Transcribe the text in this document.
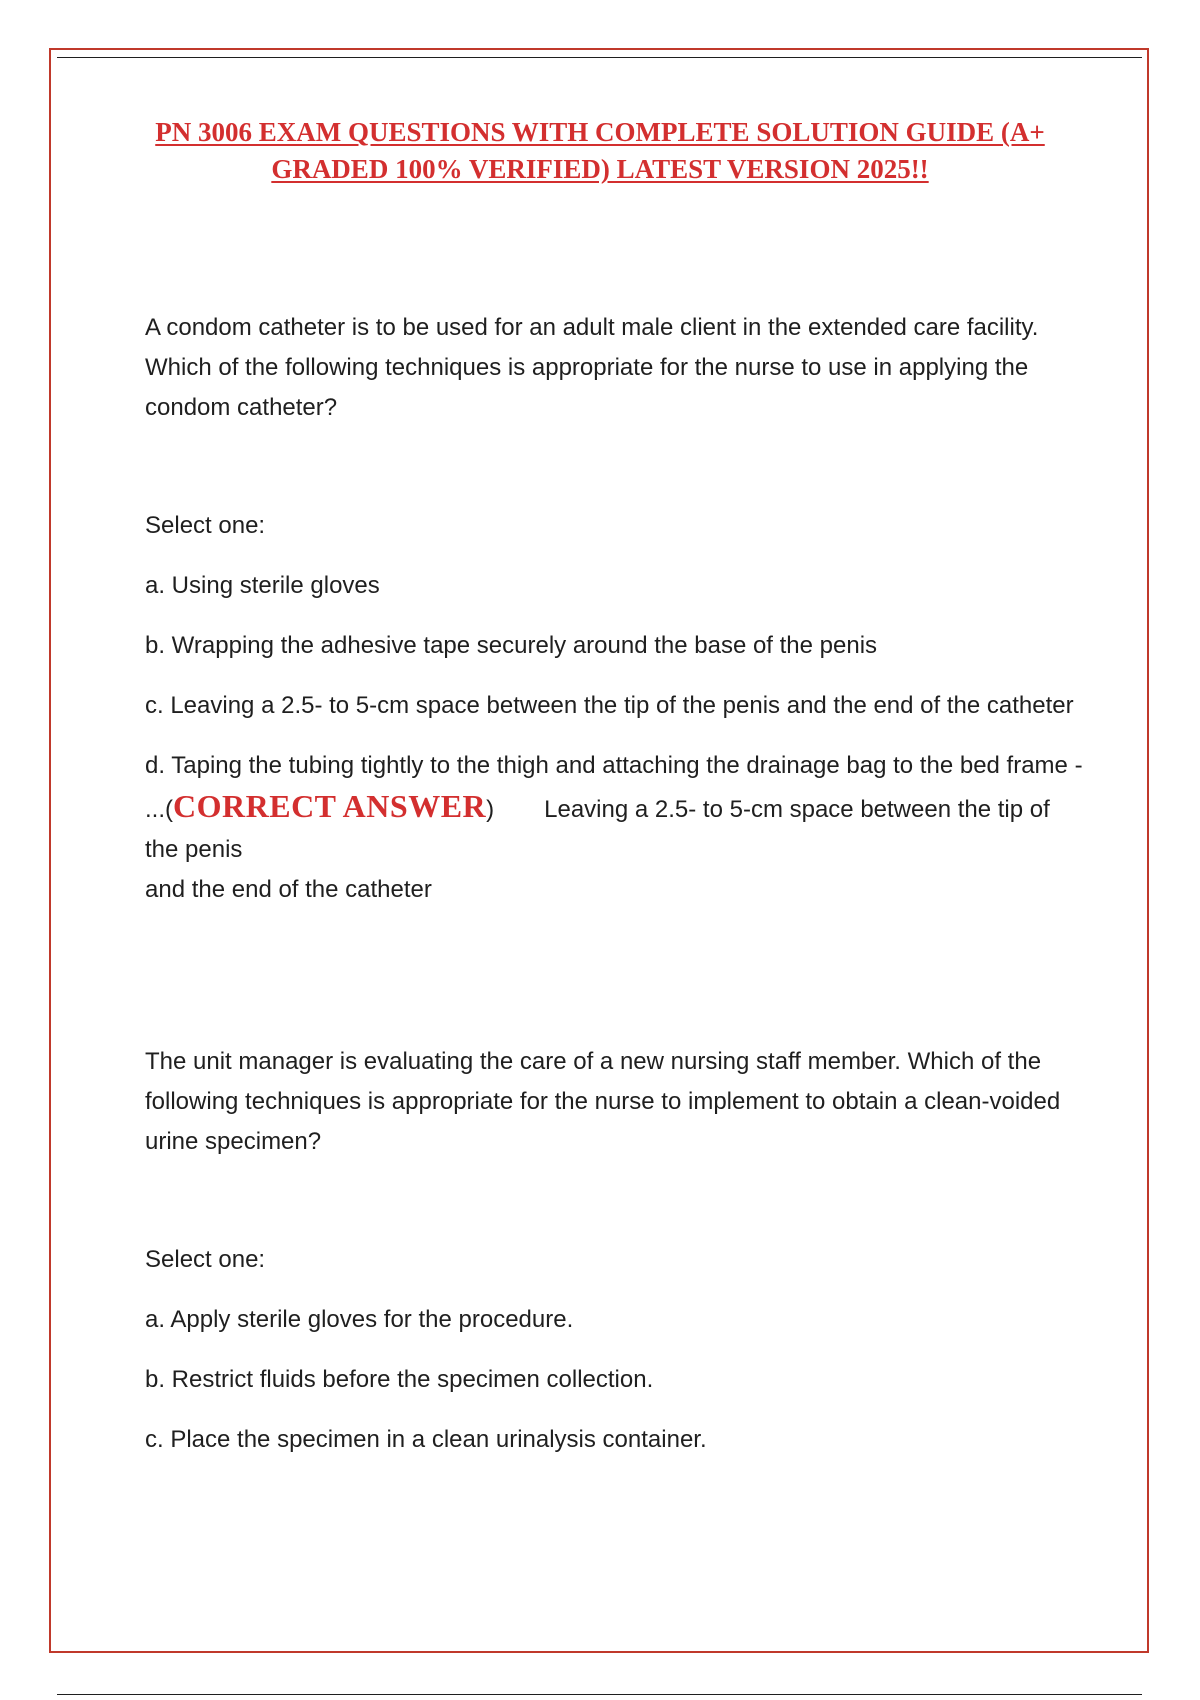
PN 3006 EXAM QUESTIONS WITH COMPLETE SOLUTION GUIDE (A+ GRADED 100% VERIFIED) LATEST VERSION 2025!!

A condom catheter is to be used for an adult male client in the extended care facility. Which of the following techniques is appropriate for the nurse to use in applying the condom catheter?

Select one:

a. Using sterile gloves

b. Wrapping the adhesive tape securely around the base of the penis

c. Leaving a 2.5- to 5-cm space between the tip of the penis and the end of the catheter

d. Taping the tubing tightly to the thigh and attaching the drainage bag to the bed frame - ...(CORRECT ANSWER) Leaving a 2.5- to 5-cm space between the tip of the penis
and the end of the catheter

The unit manager is evaluating the care of a new nursing staff member. Which of the following techniques is appropriate for the nurse to implement to obtain a clean-voided urine specimen?

Select one:

a. Apply sterile gloves for the procedure.

b. Restrict fluids before the specimen collection.

c. Place the specimen in a clean urinalysis container.
